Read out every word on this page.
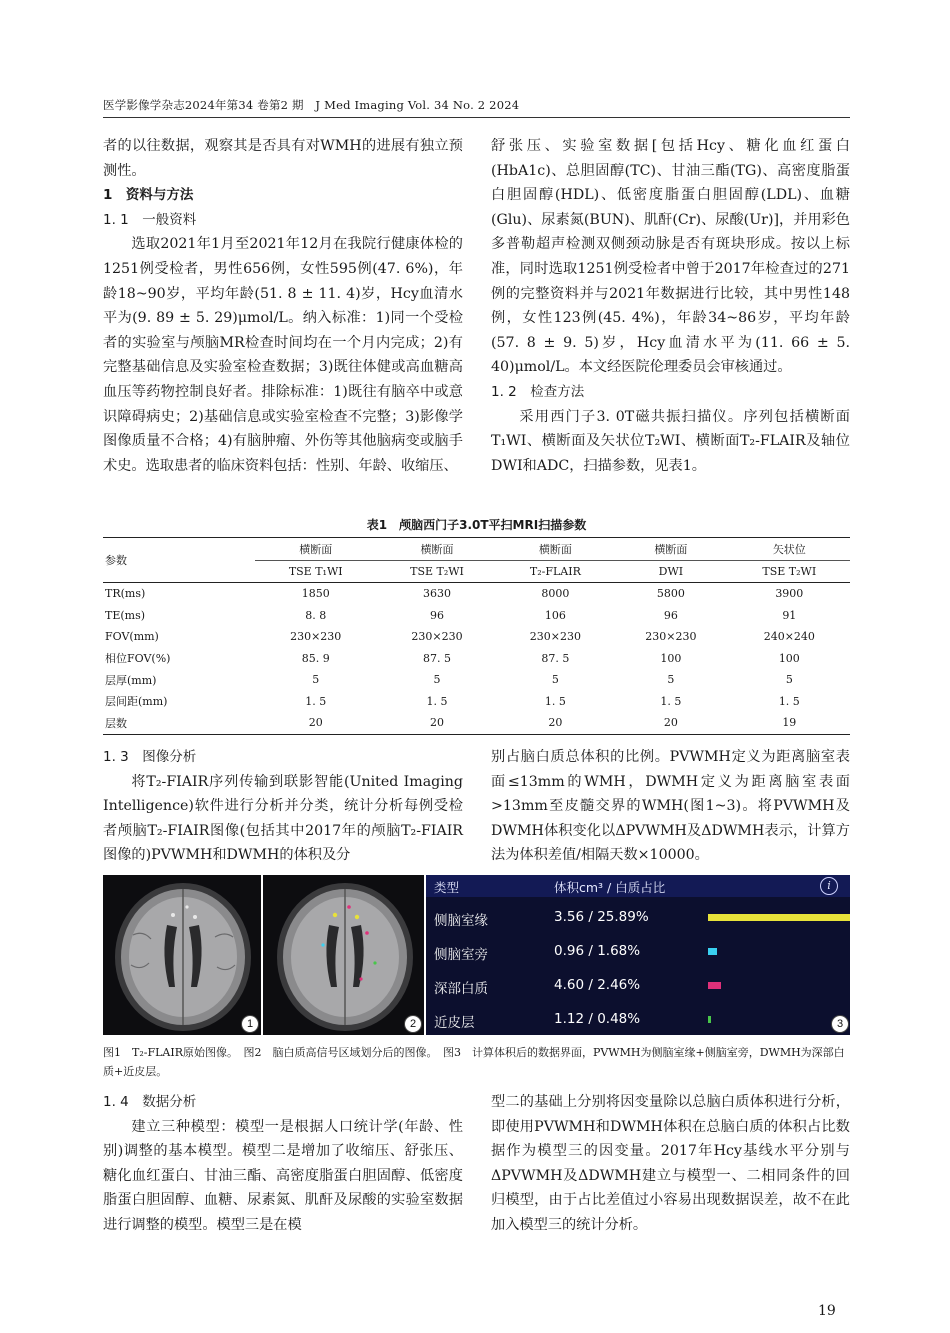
医学影像学杂志2024年第34 卷第2 期　J Med Imaging Vol. 34 No. 2 2024

者的以往数据，观察其是否具有对WMH的进展有独立预测性。

1　资料与方法

1. 1　一般资料

选取2021年1月至2021年12月在我院行健康体检的1251例受检者，男性656例，女性595例(47. 6%)，年龄18~90岁，平均年龄(51. 8 ± 11. 4)岁，Hcy血清水平为(9. 89 ± 5. 29)μmol/L。纳入标准：1)同一个受检者的实验室与颅脑MR检查时间均在一个月内完成；2)有完整基础信息及实验室检查数据；3)既往体健或高血糖高血压等药物控制良好者。排除标准：1)既往有脑卒中或意识障碍病史；2)基础信息或实验室检查不完整；3)影像学图像质量不合格；4)有脑肿瘤、外伤等其他脑病变或脑手术史。选取患者的临床资料包括：性别、年龄、收缩压、

舒张压、实验室数据[包括Hcy、糖化血红蛋白(HbA1c)、总胆固醇(TC)、甘油三酯(TG)、高密度脂蛋白胆固醇(HDL)、低密度脂蛋白胆固醇(LDL)、血糖(Glu)、尿素氮(BUN)、肌酐(Cr)、尿酸(Ur)]，并用彩色多普勒超声检测双侧颈动脉是否有斑块形成。按以上标准，同时选取1251例受检者中曾于2017年检查过的271例的完整资料并与2021年数据进行比较，其中男性148例，女性123例(45. 4%)，年龄34~86岁，平均年龄(57. 8 ± 9. 5)岁，Hcy血清水平为(11. 66 ± 5. 40)μmol/L。本文经医院伦理委员会审核通过。

1. 2　检查方法

采用西门子3. 0T磁共振扫描仪。序列包括横断面T₁WI、横断面及矢状位T₂WI、横断面T₂-FLAIR及轴位DWI和ADC，扫描参数，见表1。

表1　颅脑西门子3.0T平扫MRI扫描参数
参数	横断面	横断面	横断面	横断面	矢状位
	TSE T₁WI	TSE T₂WI	T₂-FLAIR	DWI	TSE T₂WI
TR(ms)	1850	3630	8000	5800	3900
TE(ms)	8. 8	96	106	96	91
FOV(mm)	230×230	230×230	230×230	230×230	240×240
相位FOV(%)	85. 9	87. 5	87. 5	100	100
层厚(mm)	5	5	5	5	5
层间距(mm)	1. 5	1. 5	1. 5	1. 5	1. 5
层数	20	20	20	20	19

1. 3　图像分析

将T₂-FIAIR序列传输到联影智能(United Imaging Intelligence)软件进行分析并分类，统计分析每例受检者颅脑T₂-FIAIR图像(包括其中2017年的颅脑T₂-FIAIR图像的)PVWMH和DWMH的体积及分

别占脑白质总体积的比例。PVWMH定义为距离脑室表面≤13mm的WMH，DWMH定义为距离脑室表面>13mm至皮髓交界的WMH(图1~3)。将PVWMH及DWMH体积变化以ΔPVWMH及ΔDWMH表示，计算方法为体积差值/相隔天数×10000。

1	2
类型	体积cm³ / 白质占比	i
侧脑室缘	3.56 / 25.89%
侧脑室旁	0.96 / 1.68%
深部白质	4.60 / 2.46%
近皮层	1.12 / 0.48%	3
图1　T₂-FLAIR原始图像。　图2　脑白质高信号区域划分后的图像。　图3　计算体积后的数据界面，PVWMH为侧脑室缘+侧脑室旁，DWMH为深部白质+近皮层。

1. 4　数据分析

建立三种模型：模型一是根据人口统计学(年龄、性别)调整的基本模型。模型二是增加了收缩压、舒张压、糖化血红蛋白、甘油三酯、高密度脂蛋白胆固醇、低密度脂蛋白胆固醇、血糖、尿素氮、肌酐及尿酸的实验室数据进行调整的模型。模型三是在模

型二的基础上分别将因变量除以总脑白质体积进行分析，即使用PVWMH和DWMH体积在总脑白质的体积占比数据作为模型三的因变量。2017年Hcy基线水平分别与ΔPVWMH及ΔDWMH建立与模型一、二相同条件的回归模型，由于占比差值过小容易出现数据误差，故不在此加入模型三的统计分析。

19
